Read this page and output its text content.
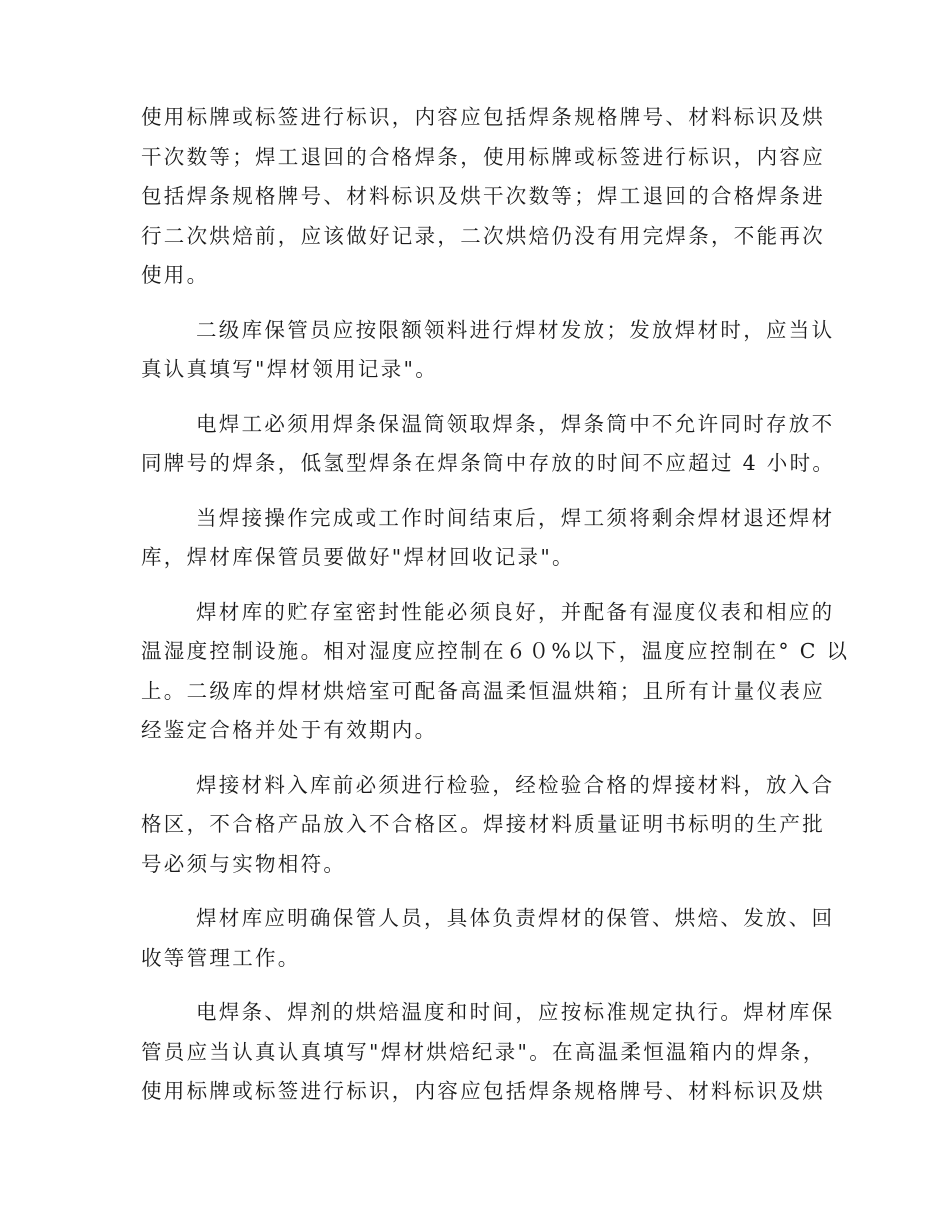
使用标牌或标签进行标识，内容应包括焊条规格牌号、材料标识及烘
干次数等；焊工退回的合格焊条，使用标牌或标签进行标识，内容应
包括焊条规格牌号、材料标识及烘干次数等；焊工退回的合格焊条进
行二次烘焙前，应该做好记录，二次烘焙仍没有用完焊条，不能再次
使用。
二级库保管员应按限额领料进行焊材发放；发放焊材时，应当认
真认真填写"焊材领用记录"。
电焊工必须用焊条保温筒领取焊条，焊条筒中不允许同时存放不
同牌号的焊条，低氢型焊条在焊条筒中存放的时间不应超过 4 小时。
当焊接操作完成或工作时间结束后，焊工须将剩余焊材退还焊材
库，焊材库保管员要做好"焊材回收记录"。
焊材库的贮存室密封性能必须良好，并配备有湿度仪表和相应的
温湿度控制设施。相对湿度应控制在６０%以下，温度应控制在° C 以
上。二级库的焊材烘焙室可配备高温柔恒温烘箱；且所有计量仪表应
经鉴定合格并处于有效期内。
焊接材料入库前必须进行检验，经检验合格的焊接材料，放入合
格区，不合格产品放入不合格区。焊接材料质量证明书标明的生产批
号必须与实物相符。
焊材库应明确保管人员，具体负责焊材的保管、烘焙、发放、回
收等管理工作。
电焊条、焊剂的烘焙温度和时间，应按标准规定执行。焊材库保
管员应当认真认真填写"焊材烘焙纪录"。在高温柔恒温箱内的焊条，
使用标牌或标签进行标识，内容应包括焊条规格牌号、材料标识及烘
